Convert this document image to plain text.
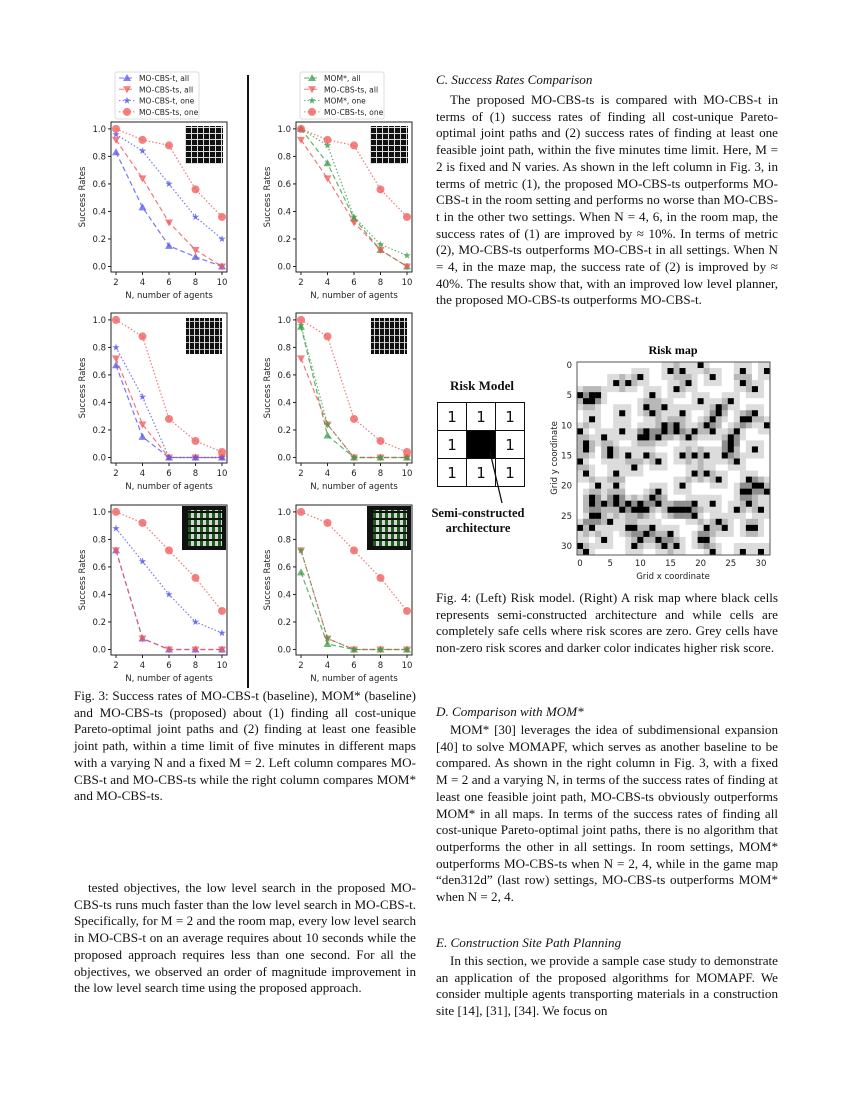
0.0
0.2
0.4
0.6
0.8
1.0
2 4 6 8 10
N, number of agents
Success Rates
MO-CBS-t, all
MO-CBS-ts, all
MO-CBS-t, one
MO-CBS-ts, one
0.0
0.2
0.4
0.6
0.8
1.0
2 4 6 8 10
N, number of agents
Success Rates
MOM*, all
MO-CBS-ts, all
MOM*, one
MO-CBS-ts, one
0.0
0.2
0.4
0.6
0.8
1.0
2 4 6 8 10
N, number of agents
Success Rates
0.0
0.2
0.4
0.6
0.8
1.0
2 4 6 8 10
N, number of agents
Success Rates
0.0
0.2
0.4
0.6
0.8
1.0
2 4 6 8 10
N, number of agents
Success Rates
0.0
0.2
0.4
0.6
0.8
1.0
2 4 6 8 10
N, number of agents
Success Rates
Fig. 3: Success rates of MO-CBS-t (baseline), MOM* (baseline) and MO-CBS-ts (proposed) about (1) finding all cost-unique Pareto-optimal joint paths and (2) finding at least one feasible joint path, within a time limit of five minutes in different maps with a varying N and a fixed M = 2. Left column compares MO-CBS-t and MO-CBS-ts while the right column compares MOM* and MO-CBS-ts.
tested objectives, the low level search in the proposed MO-CBS-ts runs much faster than the low level search in MO-CBS-t. Specifically, for M = 2 and the room map, every low level search in MO-CBS-t on an average requires about 10 seconds while the proposed approach requires less than one second. For all the objectives, we observed an order of magnitude improvement in the low level search time using the proposed approach.
C. Success Rates Comparison
The proposed MO-CBS-ts is compared with MO-CBS-t in terms of (1) success rates of finding all cost-unique Pareto-optimal joint paths and (2) success rates of finding at least one feasible joint path, within the five minutes time limit. Here, M = 2 is fixed and N varies. As shown in the left column in Fig. 3, in terms of metric (1), the proposed MO-CBS-ts outperforms MO-CBS-t in the room setting and performs no worse than MO-CBS-t in the other two settings. When N = 4, 6, in the room map, the success rates of (1) are improved by ≈ 10%. In terms of metric (2), MO-CBS-ts outperforms MO-CBS-t in all settings. When N = 4, in the maze map, the success rate of (2) is improved by ≈ 40%. The results show that, with an improved low level planner, the proposed MO-CBS-ts outperforms MO-CBS-t.
Risk Model
1	1	1
1		1
1	1	1
Semi-constructed architecture
Risk map
0
0
5
5
10
10
15
15
20
20
25
25
30
30
Grid x coordinate
Grid y coordinate
Fig. 4: (Left) Risk model. (Right) A risk map where black cells represents semi-constructed architecture and while cells are completely safe cells where risk scores are zero. Grey cells have non-zero risk scores and darker color indicates higher risk score.
D. Comparison with MOM*
MOM* [30] leverages the idea of subdimensional expansion [40] to solve MOMAPF, which serves as another baseline to be compared. As shown in the right column in Fig. 3, with a fixed M = 2 and a varying N, in terms of the success rates of finding at least one feasible joint path, MO-CBS-ts obviously outperforms MOM* in all maps. In terms of the success rates of finding all cost-unique Pareto-optimal joint paths, there is no algorithm that outperforms the other in all settings. In room settings, MOM* outperforms MO-CBS-ts when N = 2, 4, while in the game map “den312d” (last row) settings, MO-CBS-ts outperforms MOM* when N = 2, 4.
E. Construction Site Path Planning
In this section, we provide a sample case study to demonstrate an application of the proposed algorithms for MOMAPF. We consider multiple agents transporting materials in a construction site [14], [31], [34]. We focus on
